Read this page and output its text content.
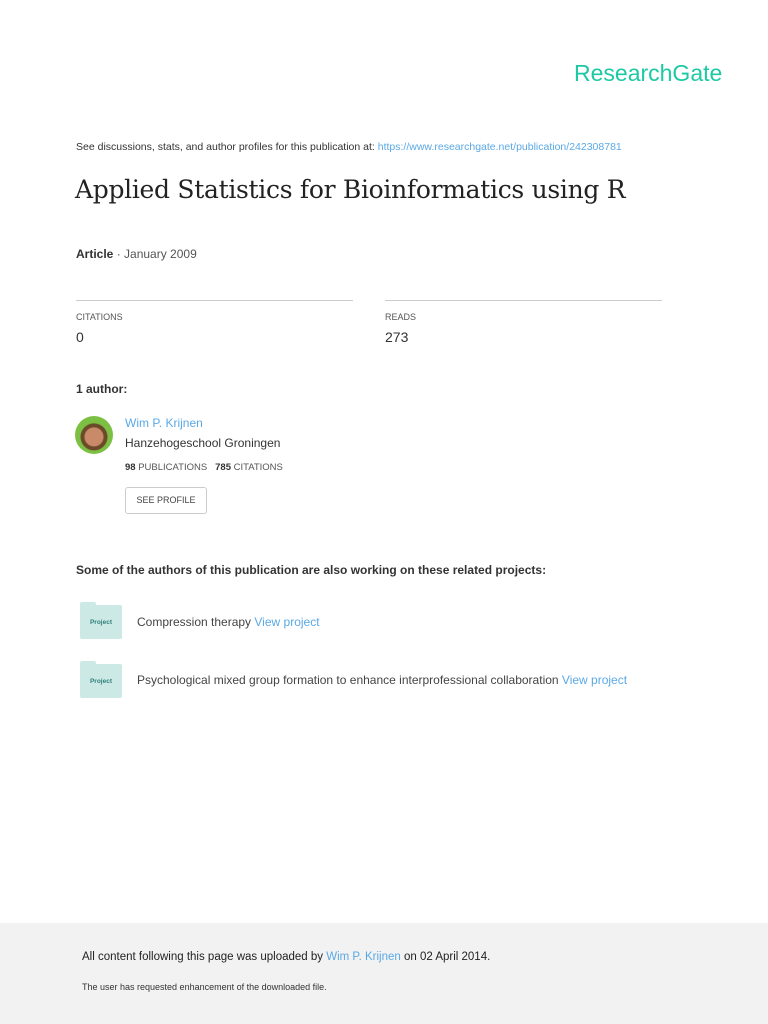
ResearchGate
See discussions, stats, and author profiles for this publication at: https://www.researchgate.net/publication/242308781
Applied Statistics for Bioinformatics using R
Article · January 2009
CITATIONS
0
READS
273
1 author:
Wim P. Krijnen
Hanzehogeschool Groningen
98 PUBLICATIONS 785 CITATIONS
SEE PROFILE
Some of the authors of this publication are also working on these related projects:
Project	Compression therapy View project
Project	Psychological mixed group formation to enhance interprofessional collaboration View project
All content following this page was uploaded by Wim P. Krijnen on 02 April 2014.
The user has requested enhancement of the downloaded file.
